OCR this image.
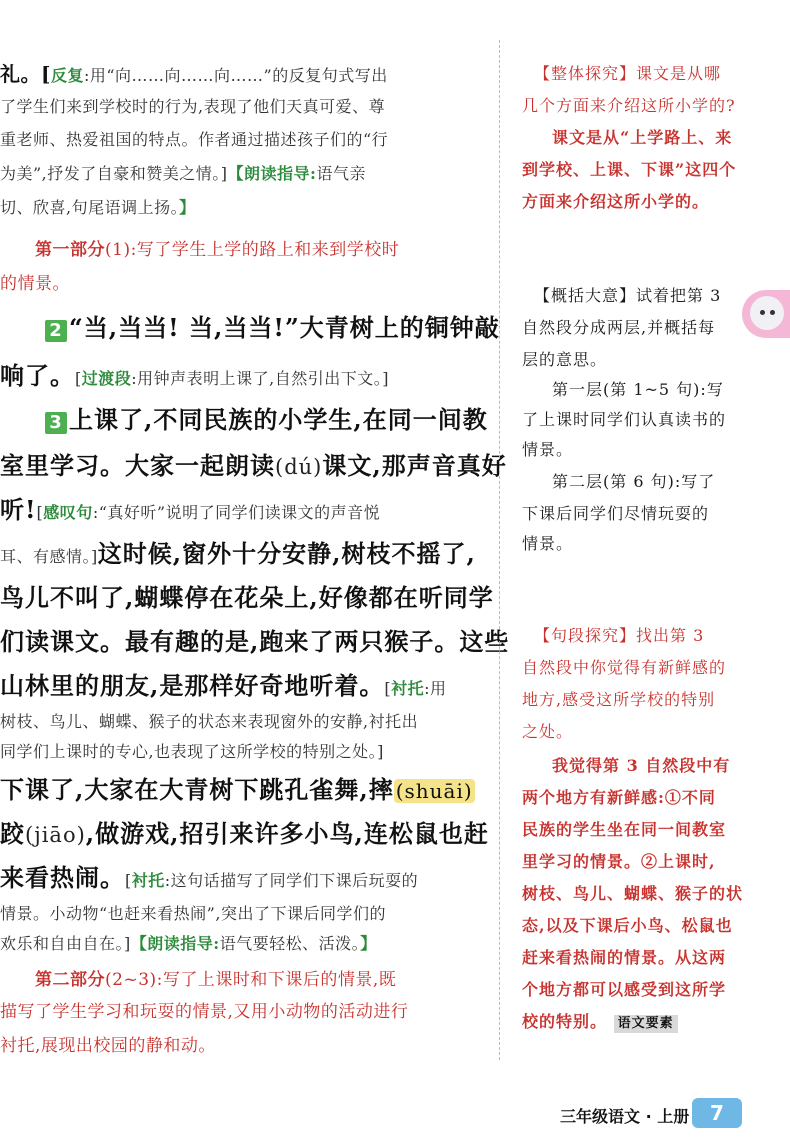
礼。[反复:用“向……向……向……”的反复句式写出
了学生们来到学校时的行为,表现了他们天真可爱、尊
重老师、热爱祖国的特点。作者通过描述孩子们的“行
为美”,抒发了自豪和赞美之情。]【朗读指导:语气亲
切、欣喜,句尾语调上扬。】
第一部分(1):写了学生上学的路上和来到学校时
的情景。
2 “当,当当! 当,当当!”大青树上的铜钟敲
响了。[过渡段:用钟声表明上课了,自然引出下文。]
3 上课了,不同民族的小学生,在同一间教
室里学习。大家一起朗读(dú)课文,那声音真好
听![感叹句:“真好听”说明了同学们读课文的声音悦
耳、有感情。]这时候,窗外十分安静,树枝不摇了,
鸟儿不叫了,蝴蝶停在花朵上,好像都在听同学
们读课文。最有趣的是,跑来了两只猴子。这些
山林里的朋友,是那样好奇地听着。[衬托:用
树枝、鸟儿、蝴蝶、猴子的状态来表现窗外的安静,衬托出
同学们上课时的专心,也表现了这所学校的特别之处。]
下课了,大家在大青树下跳孔雀舞,摔 (shuāi)
跤(jiāo),做游戏,招引来许多小鸟,连松鼠也赶
来看热闹。[衬托:这句话描写了同学们下课后玩耍的
情景。小动物“也赶来看热闹”,突出了下课后同学们的
欢乐和自由自在。]【朗读指导:语气要轻松、活泼。】
第二部分(2~3):写了上课时和下课后的情景,既
描写了学生学习和玩耍的情景,又用小动物的活动进行
衬托,展现出校园的静和动。
【整体探究】课文是从哪
几个方面来介绍这所小学的?
课文是从“上学路上、来
到学校、上课、下课”这四个
方面来介绍这所小学的。
【概括大意】试着把第 3
自然段分成两层,并概括每
层的意思。
第一层(第 1~5 句):写
了上课时同学们认真读书的
情景。
第二层(第 6 句):写了
下课后同学们尽情玩耍的
情景。
【句段探究】找出第 3
自然段中你觉得有新鲜感的
地方,感受这所学校的特别
之处。
我觉得第 3 自然段中有
两个地方有新鲜感:①不同
民族的学生坐在同一间教室
里学习的情景。②上课时,
树枝、鸟儿、蝴蝶、猴子的状
态,以及下课后小鸟、松鼠也
赶来看热闹的情景。从这两
个地方都可以感受到这所学
校的特别。 语文要素
三年级语文 · 上册	7
